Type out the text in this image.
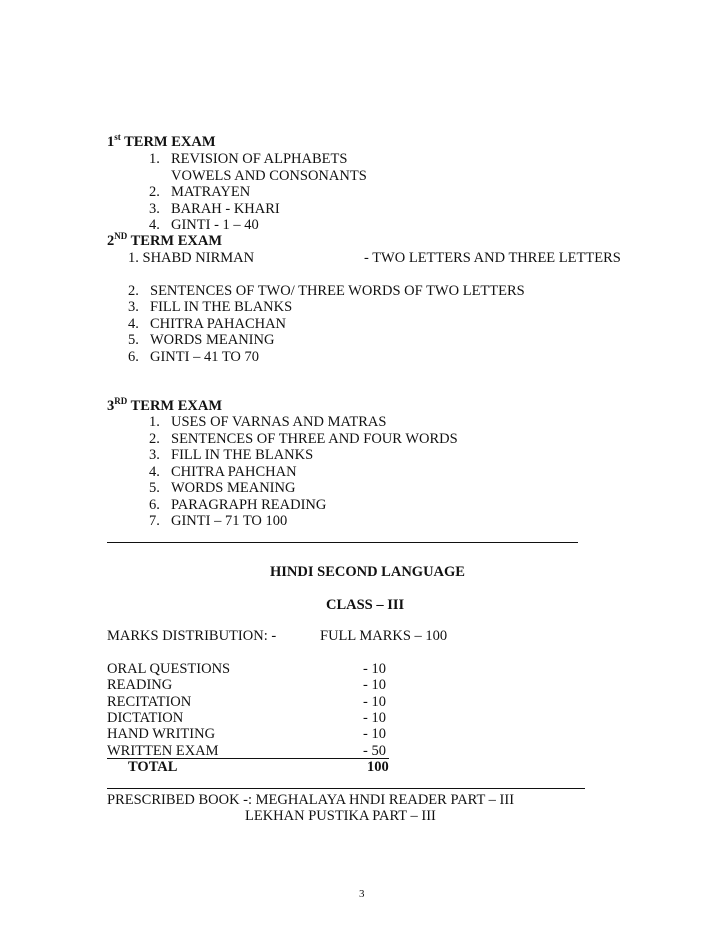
1st TERM EXAM
1. REVISION OF ALPHABETS
VOWELS AND CONSONANTS
2. MATRAYEN
3. BARAH - KHARI
4. GINTI - 1 – 40
2ND TERM EXAM
1. SHABD NIRMAN	- TWO LETTERS AND THREE LETTERS
2. SENTENCES OF TWO/ THREE WORDS OF TWO LETTERS
3. FILL IN THE BLANKS
4. CHITRA PAHACHAN
5. WORDS MEANING
6. GINTI – 41 TO 70
3RD TERM EXAM
1. USES OF VARNAS AND MATRAS
2. SENTENCES OF THREE AND FOUR WORDS
3. FILL IN THE BLANKS
4. CHITRA PAHCHAN
5. WORDS MEANING
6. PARAGRAPH READING
7. GINTI – 71 TO 100
HINDI SECOND LANGUAGE
CLASS – III
MARKS DISTRIBUTION: -	FULL MARKS – 100
ORAL QUESTIONS	- 10
READING	- 10
RECITATION	- 10
DICTATION	- 10
HAND WRITING	- 10
WRITTEN EXAM	- 50
TOTAL	100
PRESCRIBED BOOK -: MEGHALAYA HNDI READER PART – III
LEKHAN PUSTIKA PART – III
3
